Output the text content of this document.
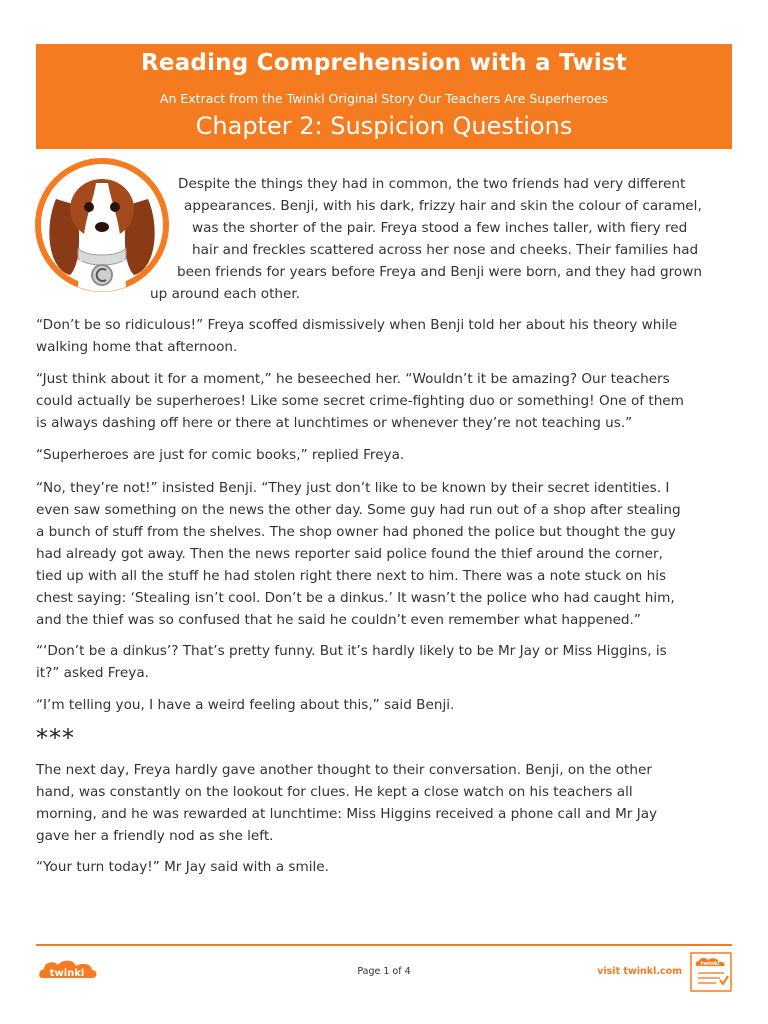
Reading Comprehension with a Twist
An Extract from the Twinkl Original Story Our Teachers Are Superheroes
Chapter 2: Suspicion Questions
Despite the things they had in common, the two friends had very different
appearances. Benji, with his dark, frizzy hair and skin the colour of caramel,
was the shorter of the pair. Freya stood a few inches taller, with fiery red
hair and freckles scattered across her nose and cheeks. Their families had
been friends for years before Freya and Benji were born, and they had grown
up around each other.
“Don’t be so ridiculous!” Freya scoffed dismissively when Benji told her about his theory while
walking home that afternoon.
“Just think about it for a moment,” he beseeched her. “Wouldn’t it be amazing? Our teachers
could actually be superheroes! Like some secret crime-fighting duo or something! One of them
is always dashing off here or there at lunchtimes or whenever they’re not teaching us.”
“Superheroes are just for comic books,” replied Freya.
“No, they’re not!” insisted Benji. “They just don’t like to be known by their secret identities. I
even saw something on the news the other day. Some guy had run out of a shop after stealing
a bunch of stuff from the shelves. The shop owner had phoned the police but thought the guy
had already got away. Then the news reporter said police found the thief around the corner,
tied up with all the stuff he had stolen right there next to him. There was a note stuck on his
chest saying: ‘Stealing isn’t cool. Don’t be a dinkus.’ It wasn’t the police who had caught him,
and the thief was so confused that he said he couldn’t even remember what happened.”
“‘Don’t be a dinkus’? That’s pretty funny. But it’s hardly likely to be Mr Jay or Miss Higgins, is
it?” asked Freya.
“I’m telling you, I have a weird feeling about this,” said Benji.
***
The next day, Freya hardly gave another thought to their conversation. Benji, on the other
hand, was constantly on the lookout for clues. He kept a close watch on his teachers all
morning, and he was rewarded at lunchtime: Miss Higgins received a phone call and Mr Jay
gave her a friendly nod as she left.
“Your turn today!” Mr Jay said with a smile.
twinkl	Page 1 of 4	visit twinkl.com
twinkl
